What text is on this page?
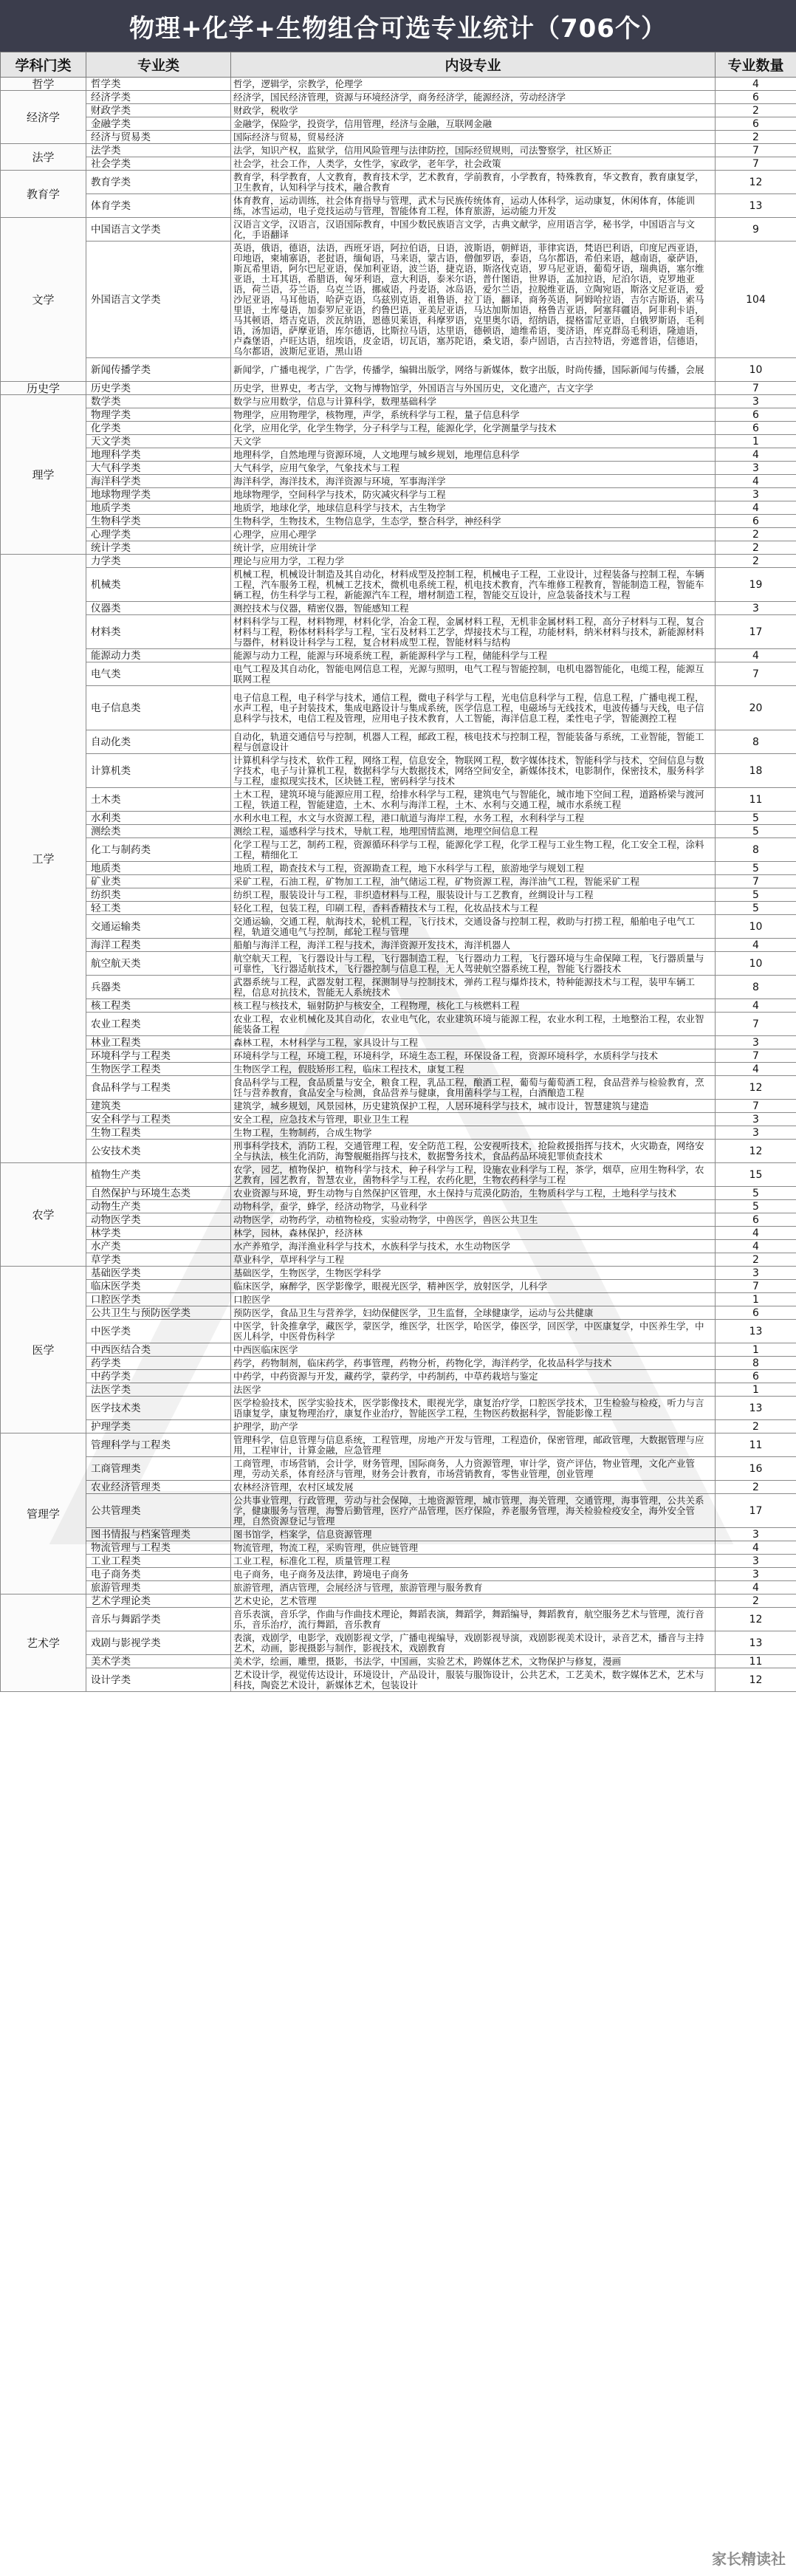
物理+化学+生物组合可选专业统计（706个）
学科门类	专业类	内设专业	专业数量
哲学	哲学类	哲学，逻辑学，宗教学，伦理学	4
经济学	经济学类	经济学，国民经济管理，资源与环境经济学，商务经济学，能源经济，劳动经济学	6
	财政学类	财政学，税收学	2
	金融学类	金融学，保险学，投资学，信用管理，经济与金融，互联网金融	6
	经济与贸易类	国际经济与贸易，贸易经济	2
法学	法学类	法学，知识产权，监狱学，信用风险管理与法律防控，国际经贸规则，司法警察学，社区矫正	7
	社会学类	社会学，社会工作，人类学，女性学，家政学，老年学，社会政策	7
教育学	教育学类	教育学，科学教育，人文教育，教育技术学，艺术教育，学前教育，小学教育，特殊教育，华文教育，教育康复学，卫生教育，认知科学与技术，融合教育	12
	体育学类	体育教育，运动训练，社会体育指导与管理，武术与民族传统体育，运动人体科学，运动康复，休闲体育，体能训练，冰雪运动，电子竞技运动与管理，智能体育工程，体育旅游，运动能力开发	13
文学	中国语言文学类	汉语言文学，汉语言，汉语国际教育，中国少数民族语言文学，古典文献学，应用语言学，秘书学，中国语言与文化，手语翻译	9
	外国语言文学类	英语，俄语，德语，法语，西班牙语，阿拉伯语，日语，波斯语，朝鲜语，菲律宾语，梵语巴利语，印度尼西亚语，印地语，柬埔寨语，老挝语，缅甸语，马来语，蒙古语，僧伽罗语，泰语，乌尔都语，希伯来语，越南语，豪萨语，斯瓦希里语，阿尔巴尼亚语，保加利亚语，波兰语，捷克语，斯洛伐克语，罗马尼亚语，葡萄牙语，瑞典语，塞尔维亚语，土耳其语，希腊语，匈牙利语，意大利语，泰米尔语，普什图语，世界语，孟加拉语，尼泊尔语，克罗地亚语，荷兰语，芬兰语，乌克兰语，挪威语，丹麦语，冰岛语，爱尔兰语，拉脱维亚语，立陶宛语，斯洛文尼亚语，爱沙尼亚语，马耳他语，哈萨克语，乌兹别克语，祖鲁语，拉丁语，翻译，商务英语，阿姆哈拉语，吉尔吉斯语，索马里语，土库曼语，加泰罗尼亚语，约鲁巴语，亚美尼亚语，马达加斯加语，格鲁吉亚语，阿塞拜疆语，阿非利卡语，马其顿语，塔吉克语，茨瓦纳语，恩德贝莱语，科摩罗语，克里奥尔语，绍纳语，提格雷尼亚语，白俄罗斯语，毛利语，汤加语，萨摩亚语，库尔德语，比斯拉马语，达里语，德顿语，迪维希语，斐济语，库克群岛毛利语，隆迪语，卢森堡语，卢旺达语，纽埃语，皮金语，切瓦语，塞苏陀语，桑戈语，泰卢固语，古吉拉特语，旁遮普语，信德语，乌尔都语，波斯尼亚语，黑山语	104
	新闻传播学类	新闻学，广播电视学，广告学，传播学，编辑出版学，网络与新媒体，数字出版，时尚传播，国际新闻与传播，会展	10
历史学	历史学类	历史学，世界史，考古学，文物与博物馆学，外国语言与外国历史，文化遗产，古文字学	7
理学	数学类	数学与应用数学，信息与计算科学，数理基础科学	3
	物理学类	物理学，应用物理学，核物理，声学，系统科学与工程，量子信息科学	6
	化学类	化学，应用化学，化学生物学，分子科学与工程，能源化学，化学测量学与技术	6
	天文学类	天文学	1
	地理科学类	地理科学，自然地理与资源环境，人文地理与城乡规划，地理信息科学	4
	大气科学类	大气科学，应用气象学，气象技术与工程	3
	海洋科学类	海洋科学，海洋技术，海洋资源与环境，军事海洋学	4
	地球物理学类	地球物理学，空间科学与技术，防灾减灾科学与工程	3
	地质学类	地质学，地球化学，地球信息科学与技术，古生物学	4
	生物科学类	生物科学，生物技术，生物信息学，生态学，整合科学，神经科学	6
	心理学类	心理学，应用心理学	2
	统计学类	统计学，应用统计学	2
工学	力学类	理论与应用力学，工程力学	2
	机械类	机械工程，机械设计制造及其自动化，材料成型及控制工程，机械电子工程，工业设计，过程装备与控制工程，车辆工程，汽车服务工程，机械工艺技术，微机电系统工程，机电技术教育，汽车维修工程教育，智能制造工程，智能车辆工程，仿生科学与工程，新能源汽车工程，增材制造工程，智能交互设计，应急装备技术与工程	19
	仪器类	测控技术与仪器，精密仪器，智能感知工程	3
	材料类	材料科学与工程，材料物理，材料化学，冶金工程，金属材料工程，无机非金属材料工程，高分子材料与工程，复合材料与工程，粉体材料科学与工程，宝石及材料工艺学，焊接技术与工程，功能材料，纳米材料与技术，新能源材料与器件，材料设计科学与工程，复合材料成型工程，智能材料与结构	17
	能源动力类	能源与动力工程，能源与环境系统工程，新能源科学与工程，储能科学与工程	4
	电气类	电气工程及其自动化，智能电网信息工程，光源与照明，电气工程与智能控制，电机电器智能化，电缆工程，能源互联网工程	7
	电子信息类	电子信息工程，电子科学与技术，通信工程，微电子科学与工程，光电信息科学与工程，信息工程，广播电视工程，水声工程，电子封装技术，集成电路设计与集成系统，医学信息工程，电磁场与无线技术，电波传播与天线，电子信息科学与技术，电信工程及管理，应用电子技术教育，人工智能，海洋信息工程，柔性电子学，智能测控工程	20
	自动化类	自动化，轨道交通信号与控制，机器人工程，邮政工程，核电技术与控制工程，智能装备与系统，工业智能，智能工程与创意设计	8
	计算机类	计算机科学与技术，软件工程，网络工程，信息安全，物联网工程，数字媒体技术，智能科学与技术，空间信息与数字技术，电子与计算机工程，数据科学与大数据技术，网络空间安全，新媒体技术，电影制作，保密技术，服务科学与工程，虚拟现实技术，区块链工程，密码科学与技术	18
	土木类	土木工程，建筑环境与能源应用工程，给排水科学与工程，建筑电气与智能化，城市地下空间工程，道路桥梁与渡河工程，铁道工程，智能建造，土木、水利与海洋工程，土木、水利与交通工程，城市水系统工程	11
	水利类	水利水电工程，水文与水资源工程，港口航道与海岸工程，水务工程，水利科学与工程	5
	测绘类	测绘工程，遥感科学与技术，导航工程，地理国情监测，地理空间信息工程	5
	化工与制药类	化学工程与工艺，制药工程，资源循环科学与工程，能源化学工程，化学工程与工业生物工程，化工安全工程，涂料工程，精细化工	8
	地质类	地质工程，勘查技术与工程，资源勘查工程，地下水科学与工程，旅游地学与规划工程	5
	矿业类	采矿工程，石油工程，矿物加工工程，油气储运工程，矿物资源工程，海洋油气工程，智能采矿工程	7
	纺织类	纺织工程，服装设计与工程，非织造材料与工程，服装设计与工艺教育，丝绸设计与工程	5
	轻工类	轻化工程，包装工程，印刷工程，香料香精技术与工程，化妆品技术与工程	5
	交通运输类	交通运输，交通工程，航海技术，轮机工程，飞行技术，交通设备与控制工程，救助与打捞工程，船舶电子电气工程，轨道交通电气与控制，邮轮工程与管理	10
	海洋工程类	船舶与海洋工程，海洋工程与技术，海洋资源开发技术，海洋机器人	4
	航空航天类	航空航天工程，飞行器设计与工程，飞行器制造工程，飞行器动力工程，飞行器环境与生命保障工程，飞行器质量与可靠性，飞行器适航技术，飞行器控制与信息工程，无人驾驶航空器系统工程，智能飞行器技术	10
	兵器类	武器系统与工程，武器发射工程，探测制导与控制技术，弹药工程与爆炸技术，特种能源技术与工程，装甲车辆工程，信息对抗技术，智能无人系统技术	8
	核工程类	核工程与核技术，辐射防护与核安全，工程物理，核化工与核燃料工程	4
	农业工程类	农业工程，农业机械化及其自动化，农业电气化，农业建筑环境与能源工程，农业水利工程，土地整治工程，农业智能装备工程	7
	林业工程类	森林工程，木材科学与工程，家具设计与工程	3
	环境科学与工程类	环境科学与工程，环境工程，环境科学，环境生态工程，环保设备工程，资源环境科学，水质科学与技术	7
	生物医学工程类	生物医学工程，假肢矫形工程，临床工程技术，康复工程	4
	食品科学与工程类	食品科学与工程，食品质量与安全，粮食工程，乳品工程，酿酒工程，葡萄与葡萄酒工程，食品营养与检验教育，烹饪与营养教育，食品安全与检测，食品营养与健康，食用菌科学与工程，白酒酿造工程	12
	建筑类	建筑学，城乡规划，风景园林，历史建筑保护工程，人居环境科学与技术，城市设计，智慧建筑与建造	7
	安全科学与工程类	安全工程，应急技术与管理，职业卫生工程	3
	生物工程类	生物工程，生物制药，合成生物学	3
	公安技术类	刑事科学技术，消防工程，交通管理工程，安全防范工程，公安视听技术，抢险救援指挥与技术，火灾勘查，网络安全与执法，核生化消防，海警舰艇指挥与技术，数据警务技术，食品药品环境犯罪侦查技术	12
农学	植物生产类	农学，园艺，植物保护，植物科学与技术，种子科学与工程，设施农业科学与工程，茶学，烟草，应用生物科学，农艺教育，园艺教育，智慧农业，菌物科学与工程，农药化肥，生物农药科学与工程	15
	自然保护与环境生态类	农业资源与环境，野生动物与自然保护区管理，水土保持与荒漠化防治，生物质科学与工程，土地科学与技术	5
	动物生产类	动物科学，蚕学，蜂学，经济动物学，马业科学	5
	动物医学类	动物医学，动物药学，动植物检疫，实验动物学，中兽医学，兽医公共卫生	6
	林学类	林学，园林，森林保护，经济林	4
	水产类	水产养殖学，海洋渔业科学与技术，水族科学与技术，水生动物医学	4
	草学类	草业科学，草坪科学与工程	2
医学	基础医学类	基础医学，生物医学，生物医学科学	3
	临床医学类	临床医学，麻醉学，医学影像学，眼视光医学，精神医学，放射医学，儿科学	7
	口腔医学类	口腔医学	1
	公共卫生与预防医学类	预防医学，食品卫生与营养学，妇幼保健医学，卫生监督，全球健康学，运动与公共健康	6
	中医学类	中医学，针灸推拿学，藏医学，蒙医学，维医学，壮医学，哈医学，傣医学，回医学，中医康复学，中医养生学，中医儿科学，中医骨伤科学	13
	中西医结合类	中西医临床医学	1
	药学类	药学，药物制剂，临床药学，药事管理，药物分析，药物化学，海洋药学，化妆品科学与技术	8
	中药学类	中药学，中药资源与开发，藏药学，蒙药学，中药制药，中草药栽培与鉴定	6
	法医学类	法医学	1
	医学技术类	医学检验技术，医学实验技术，医学影像技术，眼视光学，康复治疗学，口腔医学技术，卫生检验与检疫，听力与言语康复学，康复物理治疗，康复作业治疗，智能医学工程，生物医药数据科学，智能影像工程	13
	护理学类	护理学，助产学	2
管理学	管理科学与工程类	管理科学，信息管理与信息系统，工程管理，房地产开发与管理，工程造价，保密管理，邮政管理，大数据管理与应用，工程审计，计算金融，应急管理	11
	工商管理类	工商管理，市场营销，会计学，财务管理，国际商务，人力资源管理，审计学，资产评估，物业管理，文化产业管理，劳动关系，体育经济与管理，财务会计教育，市场营销教育，零售业管理，创业管理	16
	农业经济管理类	农林经济管理，农村区域发展	2
	公共管理类	公共事业管理，行政管理，劳动与社会保障，土地资源管理，城市管理，海关管理，交通管理，海事管理，公共关系学，健康服务与管理，海警后勤管理，医疗产品管理，医疗保险，养老服务管理，海关检验检疫安全，海外安全管理，自然资源登记与管理	17
	图书情报与档案管理类	图书馆学，档案学，信息资源管理	3
	物流管理与工程类	物流管理，物流工程，采购管理，供应链管理	4
	工业工程类	工业工程，标准化工程，质量管理工程	3
	电子商务类	电子商务，电子商务及法律，跨境电子商务	3
	旅游管理类	旅游管理，酒店管理，会展经济与管理，旅游管理与服务教育	4
艺术学	艺术学理论类	艺术史论，艺术管理	2
	音乐与舞蹈学类	音乐表演，音乐学，作曲与作曲技术理论，舞蹈表演，舞蹈学，舞蹈编导，舞蹈教育，航空服务艺术与管理，流行音乐，音乐治疗，流行舞蹈，音乐教育	12
	戏剧与影视学类	表演，戏剧学，电影学，戏剧影视文学，广播电视编导，戏剧影视导演，戏剧影视美术设计，录音艺术，播音与主持艺术，动画，影视摄影与制作，影视技术，戏剧教育	13
	美术学类	美术学，绘画，雕塑，摄影，书法学，中国画，实验艺术，跨媒体艺术，文物保护与修复，漫画	11
	设计学类	艺术设计学，视觉传达设计，环境设计，产品设计，服装与服饰设计，公共艺术，工艺美术，数字媒体艺术，艺术与科技，陶瓷艺术设计，新媒体艺术，包装设计	12
家长精读社
